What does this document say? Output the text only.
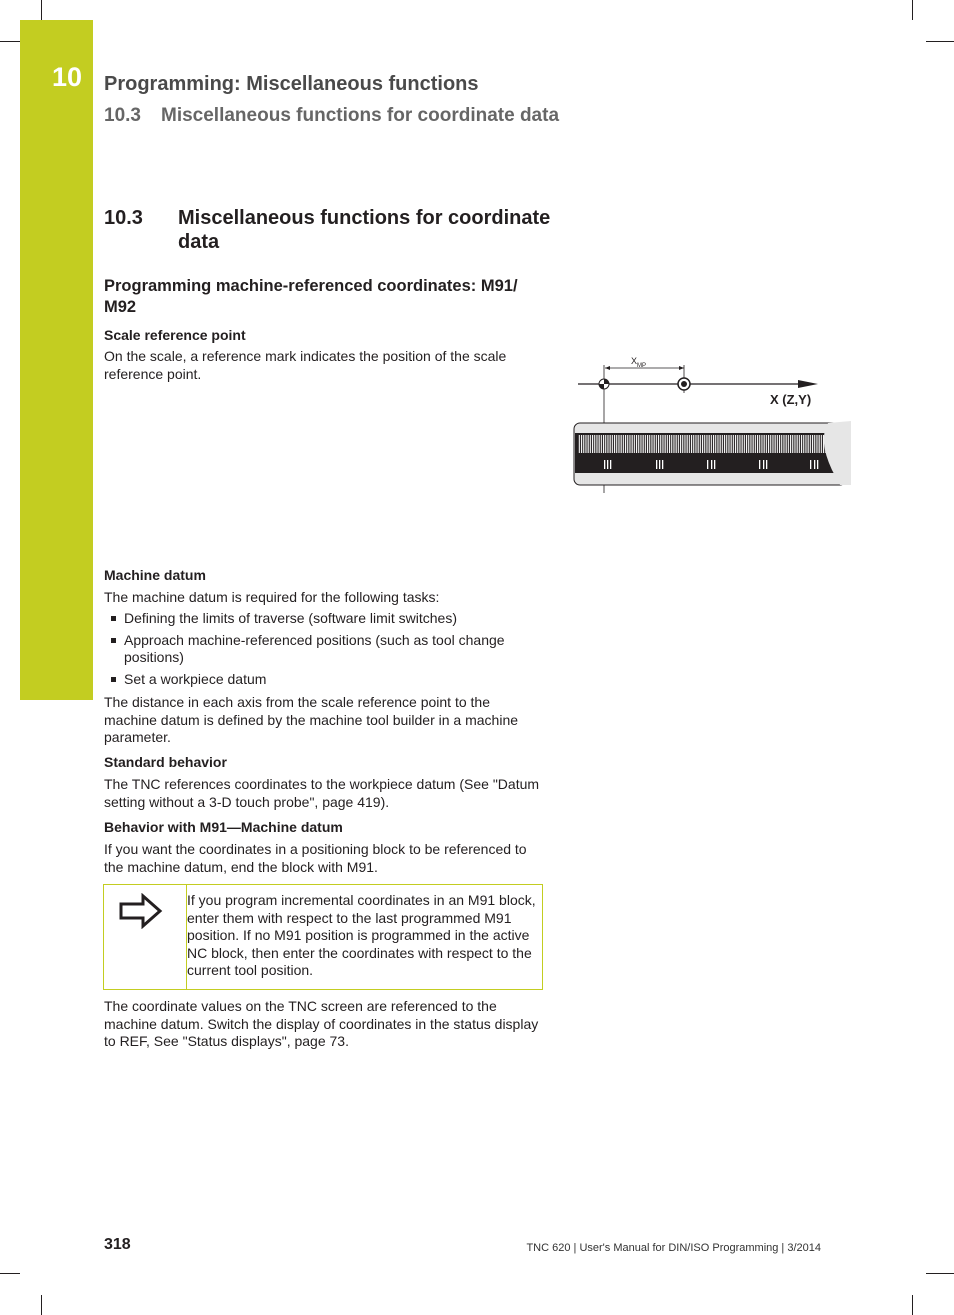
10 Programming: Miscellaneous functions
10.3 Miscellaneous functions for coordinate data
10.3 Miscellaneous functions for coordinate data
Programming machine-referenced coordinates: M91/ M92
Scale reference point
On the scale, a reference mark indicates the position of the scale reference point.
$X_{MP}$
X (Z,Y)
Machine datum
The machine datum is required for the following tasks:
Defining the limits of traverse (software limit switches)
Approach machine-referenced positions (such as tool change positions)
Set a workpiece datum
The distance in each axis from the scale reference point to the machine datum is defined by the machine tool builder in a machine parameter.
Standard behavior
The TNC references coordinates to the workpiece datum (See "Datum setting without a 3-D touch probe", page 419).
Behavior with M91—Machine datum
If you want the coordinates in a positioning block to be referenced to the machine datum, end the block with M91.
If you program incremental coordinates in an M91 block, enter them with respect to the last programmed M91 position. If no M91 position is programmed in the active NC block, then enter the coordinates with respect to the current tool position.
The coordinate values on the TNC screen are referenced to the machine datum. Switch the display of coordinates in the status display to REF, See "Status displays", page 73.
318	TNC 620 | User's Manual for DIN/ISO Programming | 3/2014
